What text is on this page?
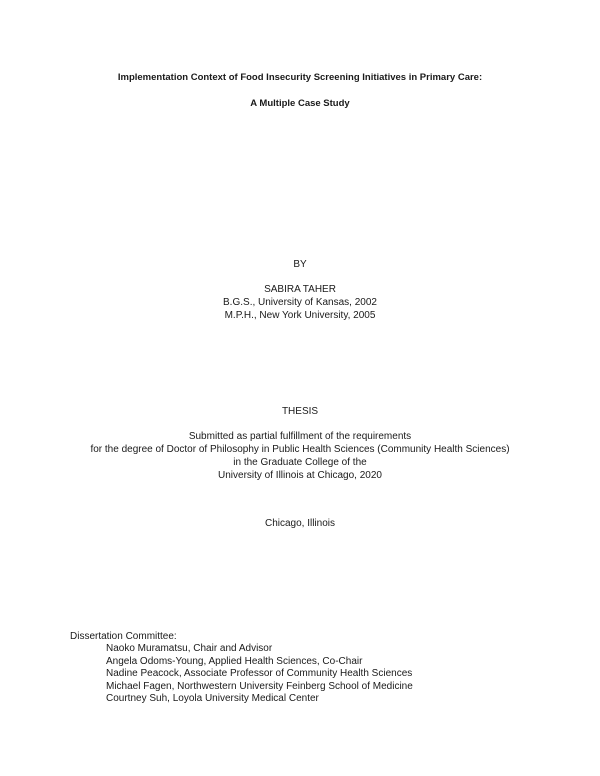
Implementation Context of Food Insecurity Screening Initiatives in Primary Care:
A Multiple Case Study
BY
SABIRA TAHER
B.G.S., University of Kansas, 2002
M.P.H., New York University, 2005
THESIS
Submitted as partial fulfillment of the requirements
for the degree of Doctor of Philosophy in Public Health Sciences (Community Health Sciences)
in the Graduate College of the
University of Illinois at Chicago, 2020
Chicago, Illinois
Dissertation Committee:
Naoko Muramatsu, Chair and Advisor
Angela Odoms-Young, Applied Health Sciences, Co-Chair
Nadine Peacock, Associate Professor of Community Health Sciences
Michael Fagen, Northwestern University Feinberg School of Medicine
Courtney Suh, Loyola University Medical Center
